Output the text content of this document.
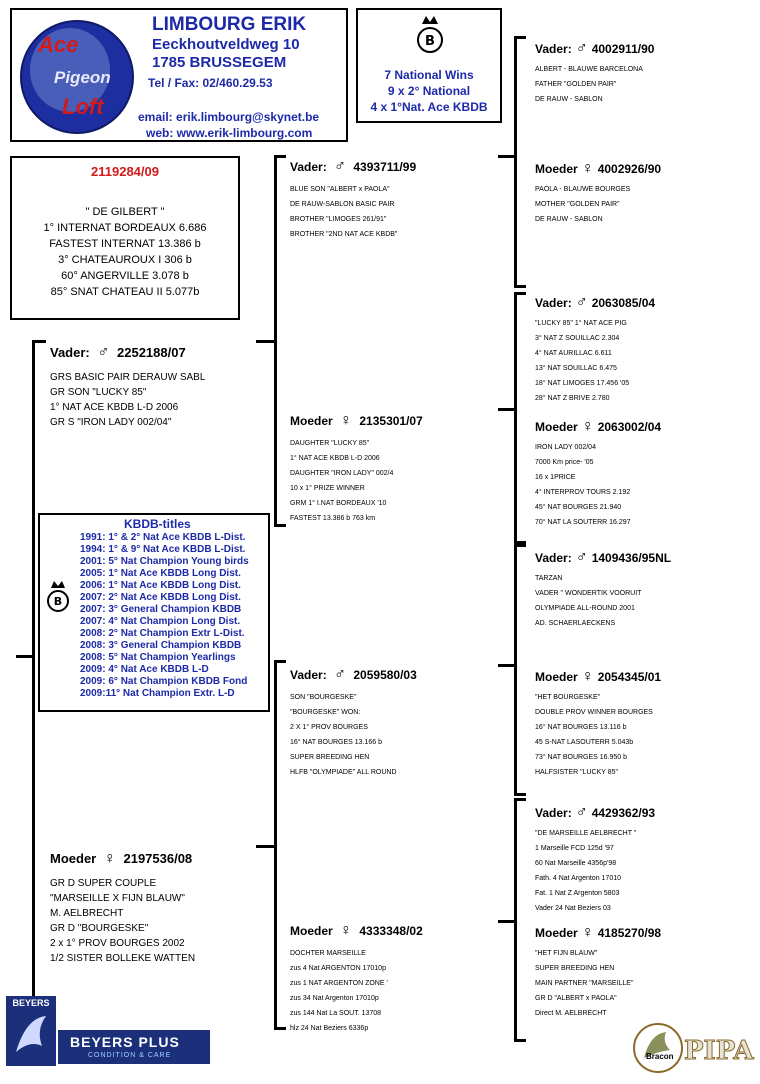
Ace
Pigeon
Loft
LIMBOURG ERIK
Eeckhoutveldweg 10
1785 BRUSSEGEM
Tel / Fax: 02/460.29.53
email: erik.limbourg@skynet.be
web: www.erik-limbourg.com
B
7 National Wins
9 x 2° National
4 x 1°Nat. Ace KBDB
2119284/09
" DE GILBERT "
1° INTERNAT BORDEAUX 6.686
FASTEST INTERNAT 13.386 b
3° CHATEAUROUX I 306 b
60° ANGERVILLE 3.078 b
85° SNAT CHATEAU II 5.077b
Vader: ♂ 2252188/07
GRS BASIC PAIR DERAUW SABL
GR SON "LUCKY 85"
1° NAT ACE KBDB L-D 2006
GR S "IRON LADY 002/04"
Moeder ♀ 2197536/08
GR D SUPER COUPLE
"MARSEILLE X FIJN BLAUW"
M. AELBRECHT
GR D "BOURGESKE"
2 x 1° PROV BOURGES 2002
1/2 SISTER BOLLEKE WATTEN
KBDB-titles
B
1991: 1° & 2° Nat Ace KBDB L-Dist.
1994: 1° & 9° Nat Ace KBDB L-Dist.
2001: 5° Nat Champion Young birds
2005: 1° Nat Ace KBDB Long Dist.
2006: 1° Nat Ace KBDB Long Dist.
2007: 2° Nat Ace KBDB Long Dist.
2007: 3° General Champion KBDB
2007: 4° Nat Champion Long Dist.
2008: 2° Nat Champion Extr L-Dist.
2008: 3° General Champion KBDB
2008: 5° Nat Champion Yearlings
2009: 4° Nat Ace KBDB L-D
2009: 6° Nat Champion KBDB Fond
2009:11° Nat Champion Extr. L-D
Vader: ♂ 4393711/99
BLUE SON "ALBERT x PAOLA"
DE RAUW-SABLON BASIC PAIR
BROTHER "LIMOGES 261/91"
BROTHER "2ND NAT ACE KBDB"
Moeder ♀ 2135301/07
DAUGHTER "LUCKY 85"
1° NAT ACE KBDB L-D 2006
DAUGHTER "IRON LADY" 002/4
10 x 1° PRIZE WINNER
GRM 1° I.NAT BORDEAUX '10
FASTEST 13.386 b 763 km
Vader: ♂ 2059580/03
SON "BOURGESKE"
"BOURGESKE" WON:
2 X 1° PROV BOURGES
16° NAT BOURGES 13.166 b
SUPER BREEDING HEN
HLFB "OLYMPIADE" ALL ROUND
Moeder ♀ 4333348/02
DOCHTER MARSEILLE
zus 4 Nat ARGENTON 17010p
zus 1 NAT ARGENTON ZONE '
zus 34 Nat Argenton 17010p
zus 144 Nat La SOUT. 13708
hlz 24 Nat Beziers 6336p
Vader: ♂ 4002911/90
ALBERT - BLAUWE BARCELONA
FATHER "GOLDEN PAIR"
DE RAUW - SABLON
Moeder ♀ 4002926/90
PAOLA - BLAUWE BOURGES
MOTHER "GOLDEN PAIR"
DE RAUW - SABLON
Vader: ♂ 2063085/04
"LUCKY 85" 1° NAT ACE PIG
3° NAT Z SOUILLAC 2.304
4° NAT AURILLAC 6.611
13° NAT SOUILLAC 6.475
18° NAT LIMOGES 17.456 '05
28° NAT Z BRIVE 2.780
Moeder ♀ 2063002/04
IRON LADY 002/04
7000 Km price- '05
16 x 1PRICE
4° INTERPROV TOURS 2.192
45° NAT BOURGES 21.940
70° NAT LA SOUTERR 16.297
Vader: ♂ 1409436/95NL
TARZAN
VADER " WONDERTIK VOORUIT
OLYMPIADE ALL-ROUND 2001
AD. SCHAERLAECKENS
Moeder ♀ 2054345/01
"HET BOURGESKE"
DOUBLE PROV WINNER BOURGES
16° NAT BOURGES 13.116 b
45 S-NAT LASOUTERR 5.043b
73° NAT BOURGES 16.950 b
HALFSISTER "LUCKY 85"
Vader: ♂ 4429362/93
"DE MARSEILLE AELBRECHT "
1 Marseille FCD 125d '97
60 Nat Marseille 4356p'98
Fath. 4 Nat Argenton 17010
Fat. 1 Nat Z Argenton 5803
Vader 24 Nat Beziers 03
Moeder ♀ 4185270/98
"HET FIJN BLAUW"
SUPER BREEDING HEN
MAIN PARTNER "MARSEILLE"
GR D "ALBERT x PAOLA"
Direct M. AELBRECHT
BEYERS
BEYERS PLUS
CONDITION & CARE	Bracon PIPA
